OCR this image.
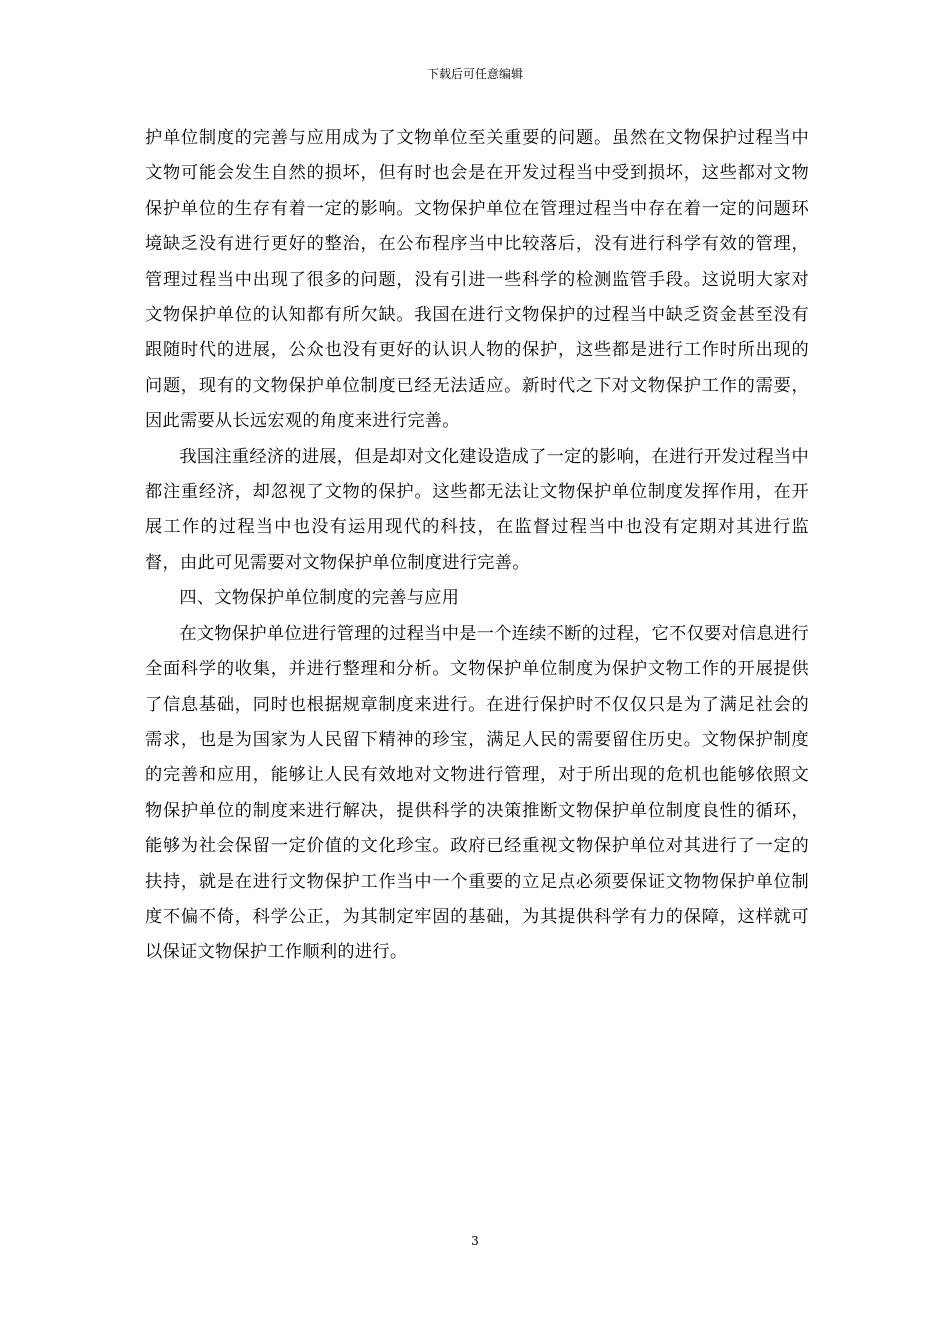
下载后可任意编辑

护单位制度的完善与应用成为了文物单位至关重要的问题。虽然在文物保护过程当中文物可能会发生自然的损坏，但有时也会是在开发过程当中受到损坏，这些都对文物保护单位的生存有着一定的影响。文物保护单位在管理过程当中存在着一定的问题环境缺乏没有进行更好的整治，在公布程序当中比较落后，没有进行科学有效的管理，管理过程当中出现了很多的问题，没有引进一些科学的检测监管手段。这说明大家对文物保护单位的认知都有所欠缺。我国在进行文物保护的过程当中缺乏资金甚至没有跟随时代的进展，公众也没有更好的认识人物的保护，这些都是进行工作时所出现的问题，现有的文物保护单位制度已经无法适应。新时代之下对文物保护工作的需要，因此需要从长远宏观的角度来进行完善。

我国注重经济的进展，但是却对文化建设造成了一定的影响，在进行开发过程当中都注重经济，却忽视了文物的保护。这些都无法让文物保护单位制度发挥作用，在开展工作的过程当中也没有运用现代的科技，在监督过程当中也没有定期对其进行监督，由此可见需要对文物保护单位制度进行完善。

四、文物保护单位制度的完善与应用

在文物保护单位进行管理的过程当中是一个连续不断的过程，它不仅要对信息进行全面科学的收集，并进行整理和分析。文物保护单位制度为保护文物工作的开展提供了信息基础，同时也根据规章制度来进行。在进行保护时不仅仅只是为了满足社会的需求，也是为国家为人民留下精神的珍宝，满足人民的需要留住历史。文物保护制度的完善和应用，能够让人民有效地对文物进行管理，对于所出现的危机也能够依照文物保护单位的制度来进行解决，提供科学的决策推断文物保护单位制度良性的循环，能够为社会保留一定价值的文化珍宝。政府已经重视文物保护单位对其进行了一定的扶持，就是在进行文物保护工作当中一个重要的立足点必须要保证文物物保护单位制度不偏不倚，科学公正，为其制定牢固的基础，为其提供科学有力的保障，这样就可以保证文物保护工作顺利的进行。

3
